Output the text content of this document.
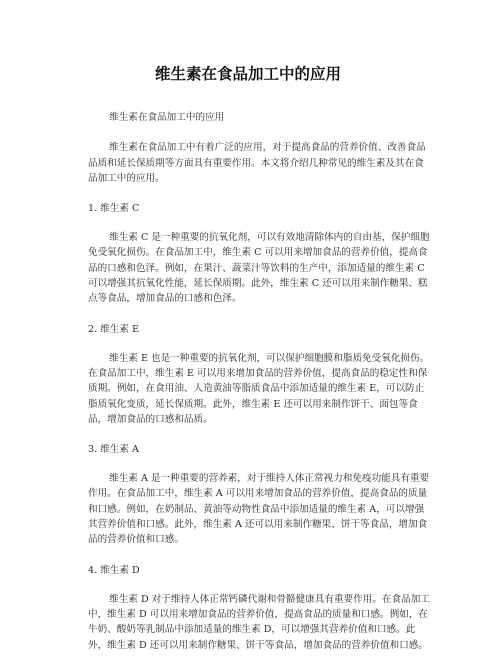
维生素在食品加工中的应用

维生素在食品加工中的应用

维生素在食品加工中有着广泛的应用，对于提高食品的营养价值、改善食品品质和延长保质期等方面具有重要作用。本文将介绍几种常见的维生素及其在食品加工中的应用。

1. 维生素 C

维生素 C 是一种重要的抗氧化剂，可以有效地清除体内的自由基，保护细胞免受氧化损伤。在食品加工中，维生素 C 可以用来增加食品的营养价值，提高食品的口感和色泽。例如，在果汁、蔬菜汁等饮料的生产中，添加适量的维生素 C 可以增强其抗氧化性能，延长保质期。此外，维生素 C 还可以用来制作糖果、糕点等食品，增加食品的口感和色泽。

2. 维生素 E

维生素 E 也是一种重要的抗氧化剂，可以保护细胞膜和脂质免受氧化损伤。在食品加工中，维生素 E 可以用来增加食品的营养价值，提高食品的稳定性和保质期。例如，在食用油、人造黄油等脂质食品中添加适量的维生素 E，可以防止脂质氧化变质，延长保质期。此外，维生素 E 还可以用来制作饼干、面包等食品，增加食品的口感和品质。

3. 维生素 A

维生素 A 是一种重要的营养素，对于维持人体正常视力和免疫功能具有重要作用。在食品加工中，维生素 A 可以用来增加食品的营养价值，提高食品的质量和口感。例如，在奶制品、黄油等动物性食品中添加适量的维生素 A，可以增强其营养价值和口感。此外，维生素 A 还可以用来制作糖果、饼干等食品，增加食品的营养价值和口感。

4. 维生素 D

维生素 D 对于维持人体正常钙磷代谢和骨骼健康具有重要作用。在食品加工中，维生素 D 可以用来增加食品的营养价值，提高食品的质量和口感。例如，在牛奶、酸奶等乳制品中添加适量的维生素 D，可以增强其营养价值和口感。此外，维生素 D 还可以用来制作糖果、饼干等食品，增加食品的营养价值和口感。
